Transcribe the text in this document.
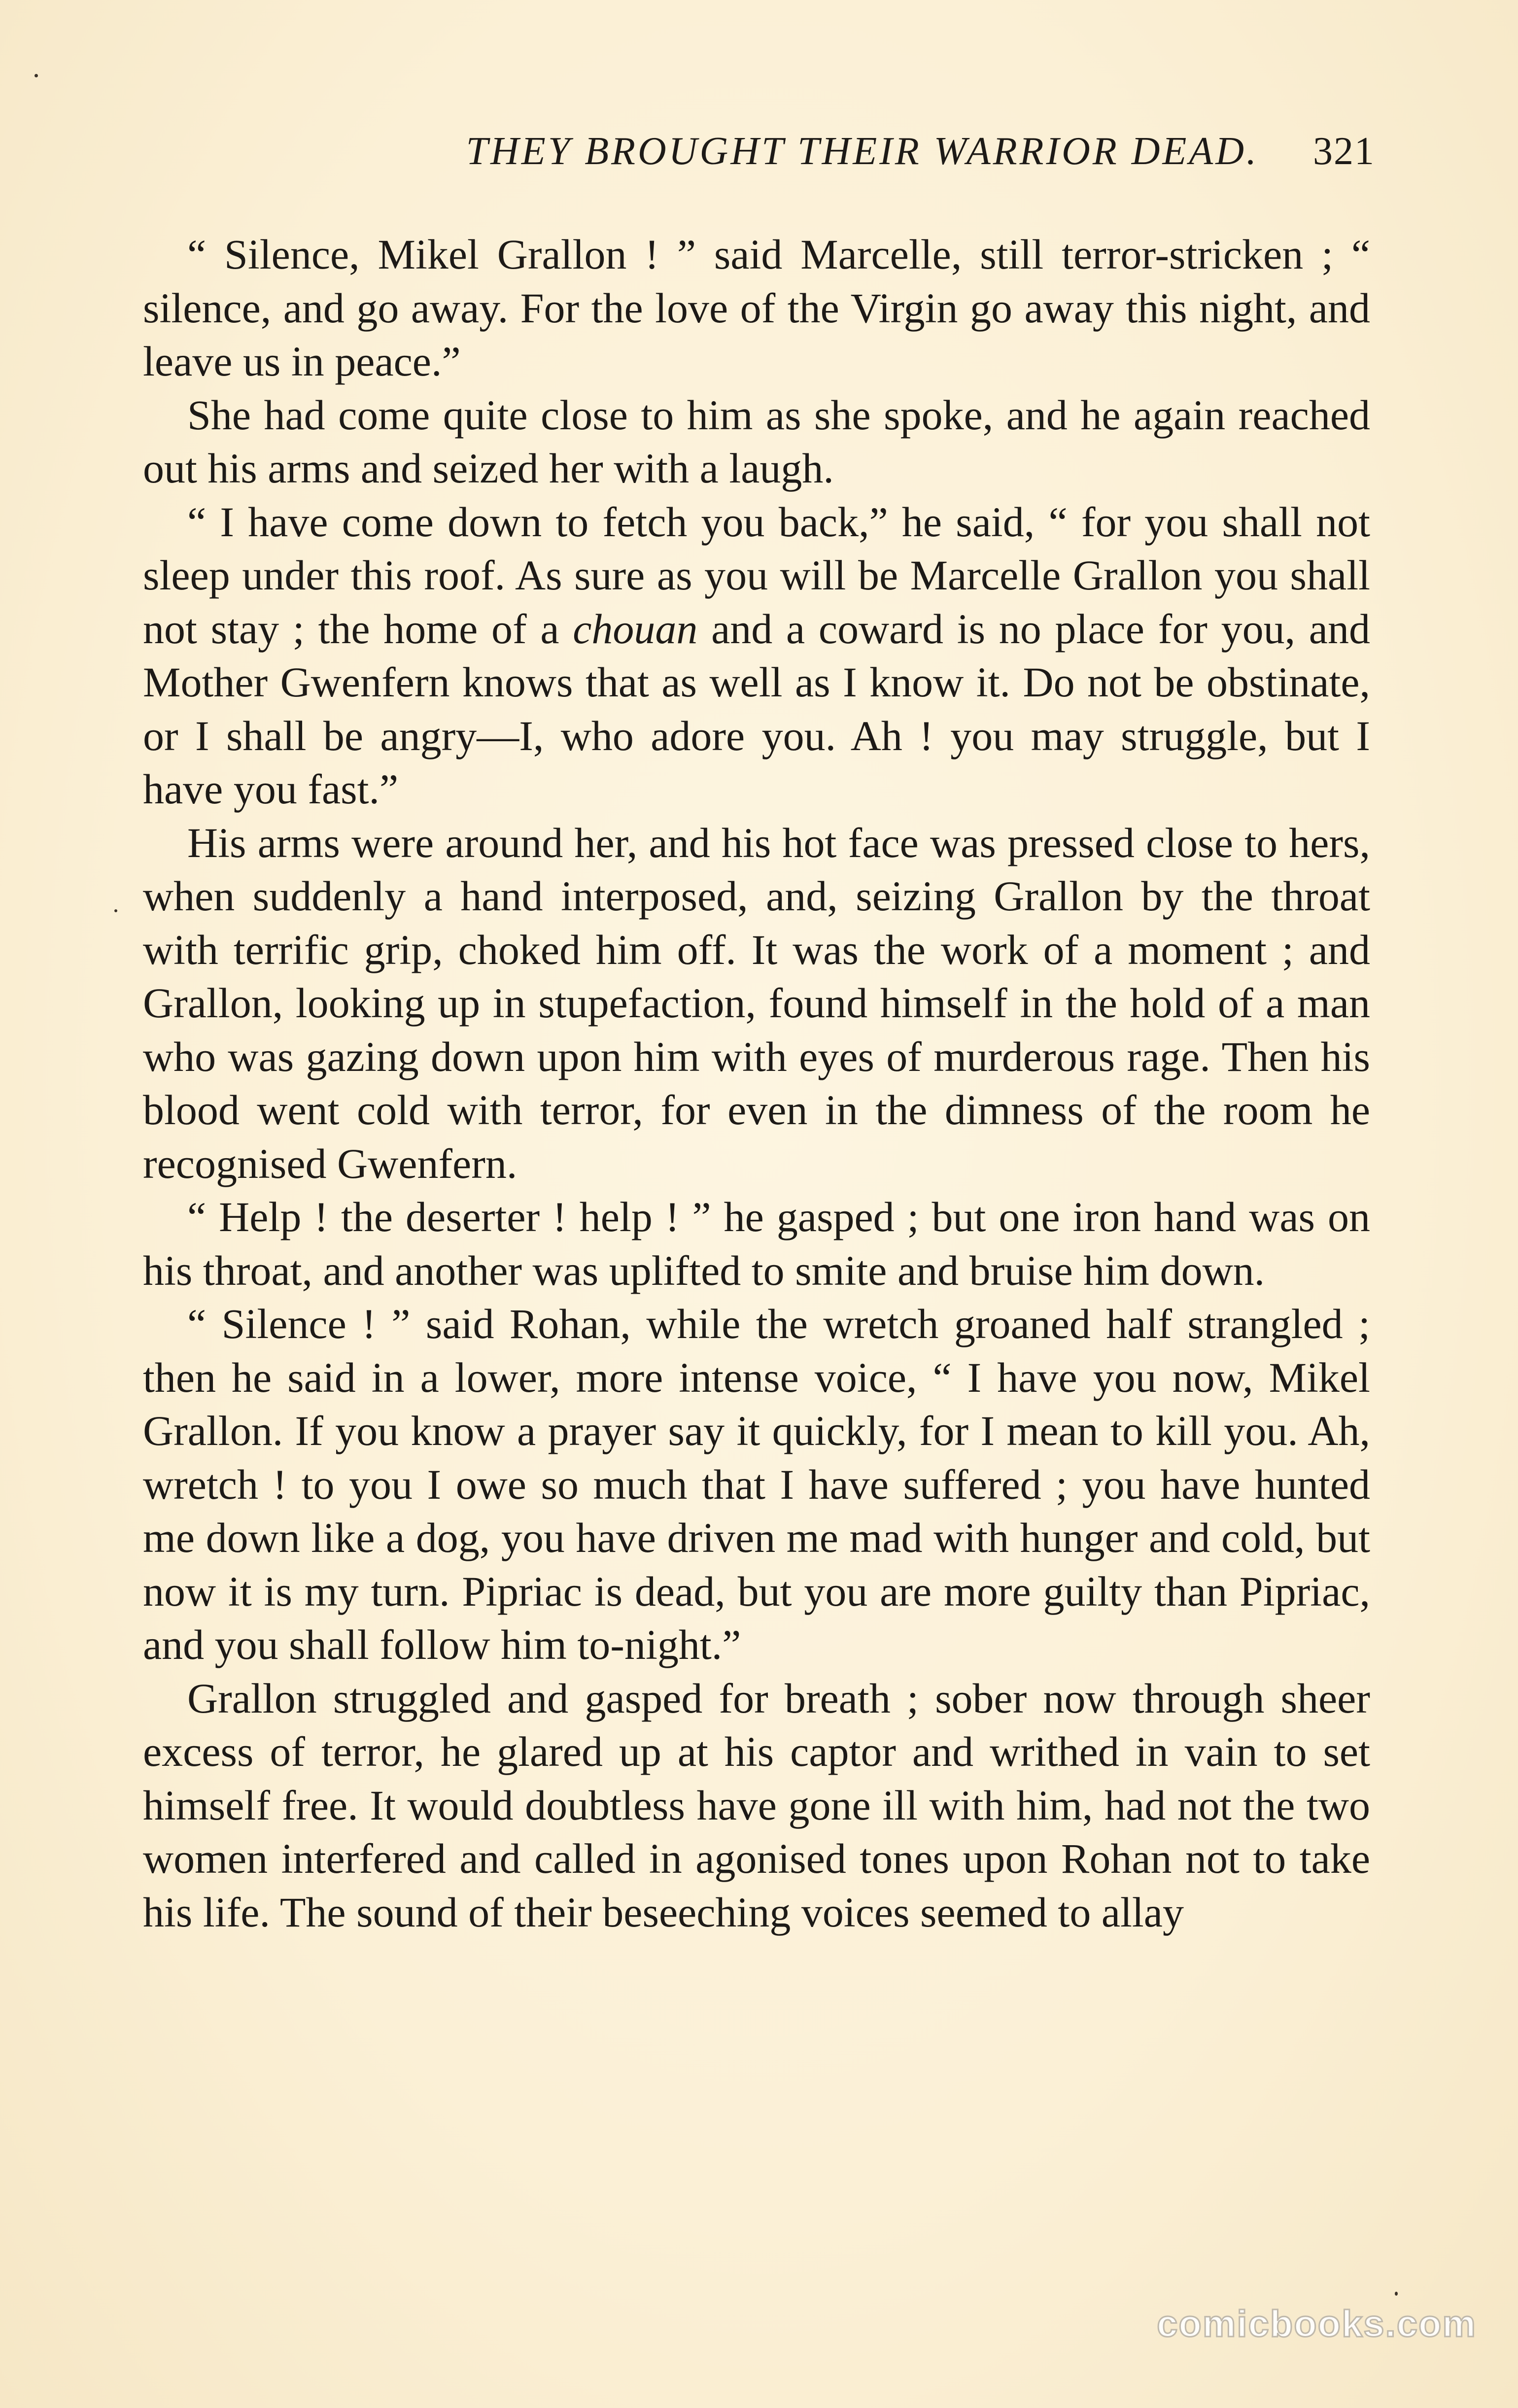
THEY BROUGHT THEIR WARRIOR DEAD. 321

“ Silence, Mikel Grallon ! ” said Marcelle, still terror-stricken ; “ silence, and go away. For the love of the Virgin go away this night, and leave us in peace.”

She had come quite close to him as she spoke, and he again reached out his arms and seized her with a laugh.

“ I have come down to fetch you back,” he said, “ for you shall not sleep under this roof. As sure as you will be Marcelle Grallon you shall not stay ; the home of a chouan and a coward is no place for you, and Mother Gwenfern knows that as well as I know it. Do not be obstinate, or I shall be angry—I, who adore you. Ah ! you may struggle, but I have you fast.”

His arms were around her, and his hot face was pressed close to hers, when suddenly a hand interposed, and, seizing Grallon by the throat with terrific grip, choked him off. It was the work of a moment ; and Grallon, looking up in stupefaction, found himself in the hold of a man who was gazing down upon him with eyes of murderous rage. Then his blood went cold with terror, for even in the dimness of the room he recognised Gwenfern.

“ Help ! the deserter ! help ! ” he gasped ; but one iron hand was on his throat, and another was uplifted to smite and bruise him down.

“ Silence ! ” said Rohan, while the wretch groaned half strangled ; then he said in a lower, more intense voice, “ I have you now, Mikel Grallon. If you know a prayer say it quickly, for I mean to kill you. Ah, wretch ! to you I owe so much that I have suffered ; you have hunted me down like a dog, you have driven me mad with hunger and cold, but now it is my turn. Pipriac is dead, but you are more guilty than Pipriac, and you shall follow him to-night.”

Grallon struggled and gasped for breath ; sober now through sheer excess of terror, he glared up at his captor and writhed in vain to set himself free. It would doubtless have gone ill with him, had not the two women interfered and called in agonised tones upon Rohan not to take his life. The sound of their beseeching voices seemed to allay

comicbooks.com
